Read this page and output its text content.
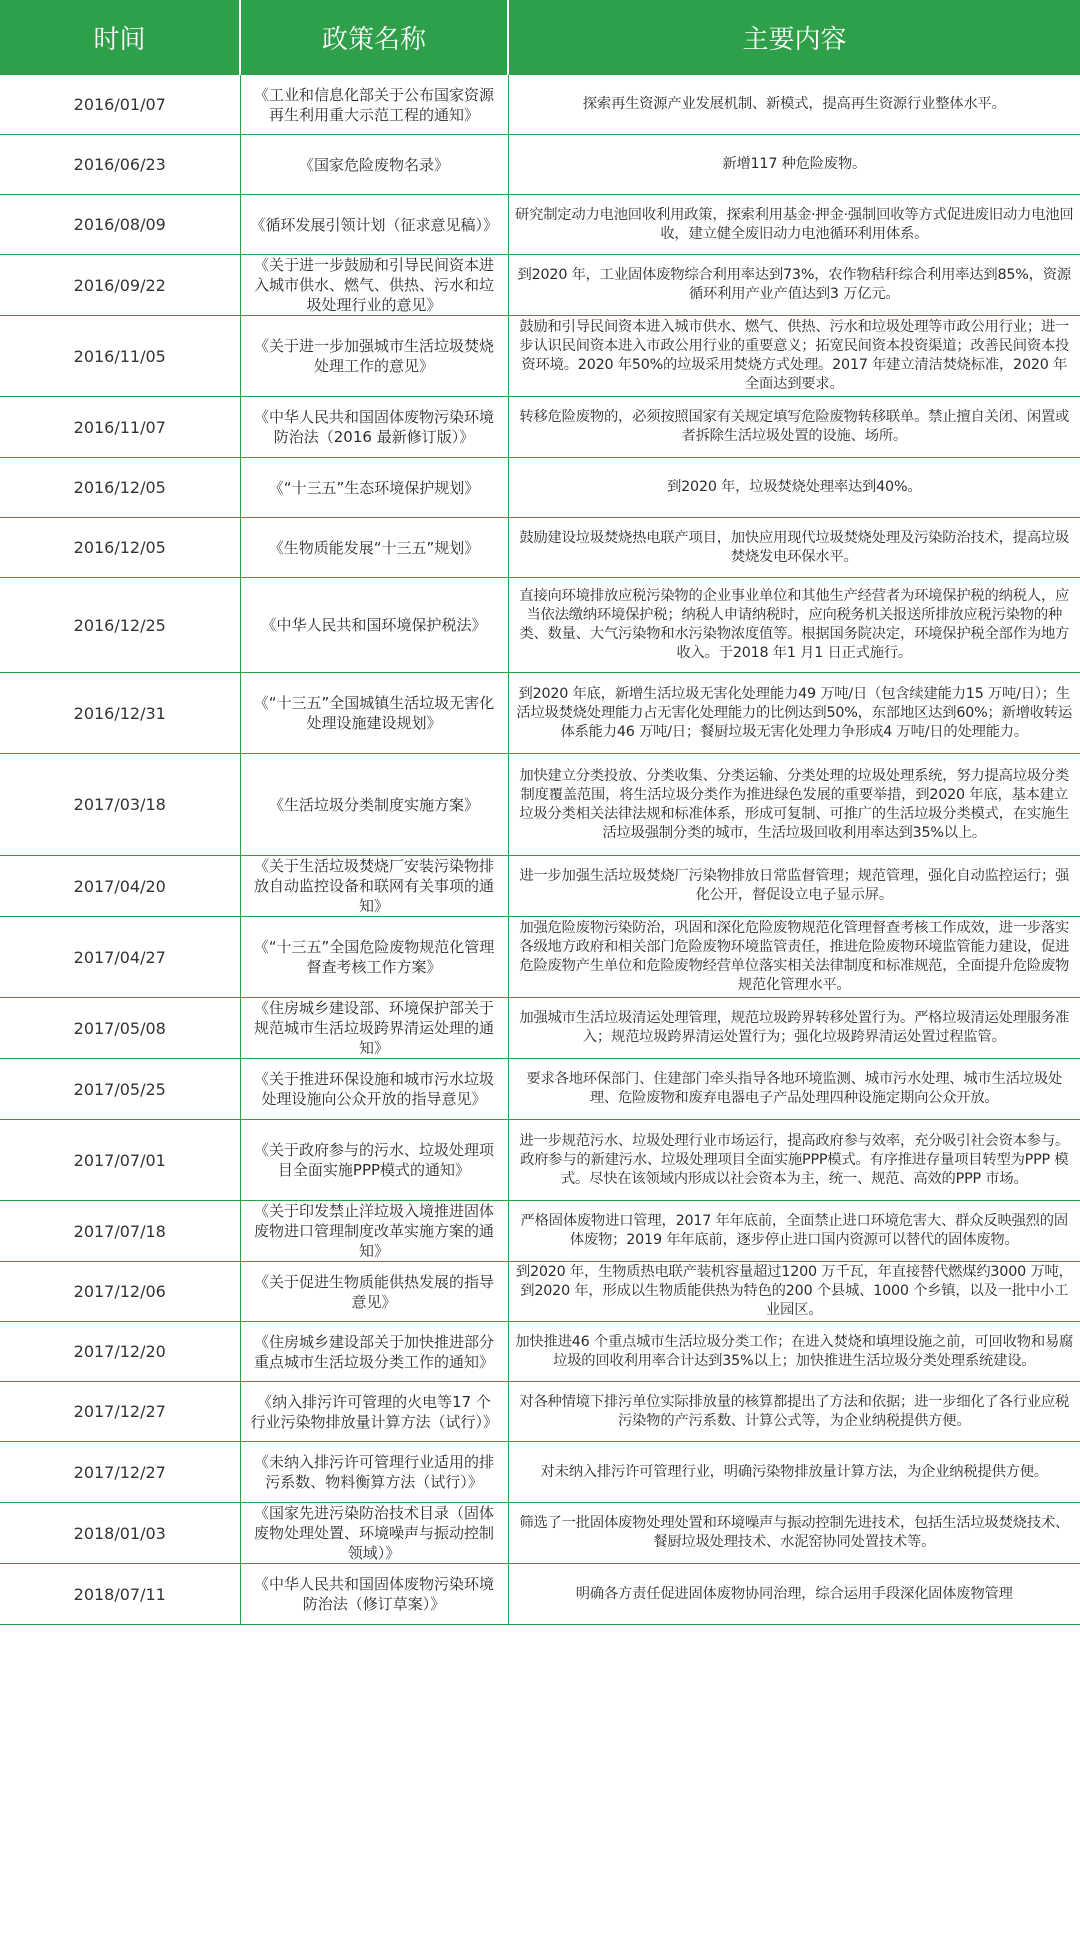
时间	政策名称	主要内容
2016/01/07	《工业和信息化部关于公布国家资源再生利用重大示范工程的通知》	探索再生资源产业发展机制、新模式，提高再生资源行业整体水平。
2016/06/23	《国家危险废物名录》	新增117 种危险废物。
2016/08/09	《循环发展引领计划（征求意见稿）》	研究制定动力电池回收利用政策，探索利用基金·押金·强制回收等方式促进废旧动力电池回收，建立健全废旧动力电池循环利用体系。
2016/09/22	《关于进一步鼓励和引导民间资本进入城市供水、燃气、供热、污水和垃圾处理行业的意见》	到2020 年，工业固体废物综合利用率达到73%，农作物秸秆综合利用率达到85%，资源循环利用产业产值达到3 万亿元。
2016/11/05	《关于进一步加强城市生活垃圾焚烧处理工作的意见》	鼓励和引导民间资本进入城市供水、燃气、供热、污水和垃圾处理等市政公用行业；进一步认识民间资本进入市政公用行业的重要意义；拓宽民间资本投资渠道；改善民间资本投资环境。2020 年50%的垃圾采用焚烧方式处理。2017 年建立清洁焚烧标准，2020 年全面达到要求。
2016/11/07	《中华人民共和国固体废物污染环境防治法（2016 最新修订版）》	转移危险废物的，必须按照国家有关规定填写危险废物转移联单。禁止擅自关闭、闲置或者拆除生活垃圾处置的设施、场所。
2016/12/05	《“十三五”生态环境保护规划》	到2020 年，垃圾焚烧处理率达到40%。
2016/12/05	《生物质能发展“十三五”规划》	鼓励建设垃圾焚烧热电联产项目，加快应用现代垃圾焚烧处理及污染防治技术，提高垃圾焚烧发电环保水平。
2016/12/25	《中华人民共和国环境保护税法》	直接向环境排放应税污染物的企业事业单位和其他生产经营者为环境保护税的纳税人，应当依法缴纳环境保护税；纳税人申请纳税时，应向税务机关报送所排放应税污染物的种类、数量、大气污染物和水污染物浓度值等。根据国务院决定，环境保护税全部作为地方收入。于2018 年1 月1 日正式施行。
2016/12/31	《“十三五”全国城镇生活垃圾无害化处理设施建设规划》	到2020 年底，新增生活垃圾无害化处理能力49 万吨/日（包含续建能力15 万吨/日）；生活垃圾焚烧处理能力占无害化处理能力的比例达到50%，东部地区达到60%；新增收转运体系能力46 万吨/日；餐厨垃圾无害化处理力争形成4 万吨/日的处理能力。
2017/03/18	《生活垃圾分类制度实施方案》	加快建立分类投放、分类收集、分类运输、分类处理的垃圾处理系统，努力提高垃圾分类制度覆盖范围，将生活垃圾分类作为推进绿色发展的重要举措，到2020 年底，基本建立垃圾分类相关法律法规和标准体系，形成可复制、可推广的生活垃圾分类模式，在实施生活垃圾强制分类的城市，生活垃圾回收利用率达到35%以上。
2017/04/20	《关于生活垃圾焚烧厂安装污染物排放自动监控设备和联网有关事项的通知》	进一步加强生活垃圾焚烧厂污染物排放日常监督管理；规范管理，强化自动监控运行；强化公开，督促设立电子显示屏。
2017/04/27	《“十三五”全国危险废物规范化管理督查考核工作方案》	加强危险废物污染防治，巩固和深化危险废物规范化管理督查考核工作成效，进一步落实各级地方政府和相关部门危险废物环境监管责任，推进危险废物环境监管能力建设，促进危险废物产生单位和危险废物经营单位落实相关法律制度和标准规范，全面提升危险废物规范化管理水平。
2017/05/08	《住房城乡建设部、环境保护部关于规范城市生活垃圾跨界清运处理的通知》	加强城市生活垃圾清运处理管理，规范垃圾跨界转移处置行为。严格垃圾清运处理服务准入；规范垃圾跨界清运处置行为；强化垃圾跨界清运处置过程监管。
2017/05/25	《关于推进环保设施和城市污水垃圾处理设施向公众开放的指导意见》	要求各地环保部门、住建部门牵头指导各地环境监测、城市污水处理、城市生活垃圾处理、危险废物和废弃电器电子产品处理四种设施定期向公众开放。
2017/07/01	《关于政府参与的污水、垃圾处理项目全面实施PPP模式的通知》	进一步规范污水、垃圾处理行业市场运行，提高政府参与效率，充分吸引社会资本参与。政府参与的新建污水、垃圾处理项目全面实施PPP模式。有序推进存量项目转型为PPP 模式。尽快在该领域内形成以社会资本为主，统一、规范、高效的PPP 市场。
2017/07/18	《关于印发禁止洋垃圾入境推进固体废物进口管理制度改革实施方案的通知》	严格固体废物进口管理，2017 年年底前，全面禁止进口环境危害大、群众反映强烈的固体废物；2019 年年底前，逐步停止进口国内资源可以替代的固体废物。
2017/12/06	《关于促进生物质能供热发展的指导意见》	到2020 年，生物质热电联产装机容量超过1200 万千瓦，年直接替代燃煤约3000 万吨，到2020 年，形成以生物质能供热为特色的200 个县城、1000 个乡镇，以及一批中小工业园区。
2017/12/20	《住房城乡建设部关于加快推进部分重点城市生活垃圾分类工作的通知》	加快推进46 个重点城市生活垃圾分类工作；在进入焚烧和填埋设施之前，可回收物和易腐垃圾的回收利用率合计达到35%以上；加快推进生活垃圾分类处理系统建设。
2017/12/27	《纳入排污许可管理的火电等17 个行业污染物排放量计算方法（试行）》	对各种情境下排污单位实际排放量的核算都提出了方法和依据；进一步细化了各行业应税污染物的产污系数、计算公式等，为企业纳税提供方便。
2017/12/27	《未纳入排污许可管理行业适用的排污系数、物料衡算方法（试行）》	对未纳入排污许可管理行业，明确污染物排放量计算方法，为企业纳税提供方便。
2018/01/03	《国家先进污染防治技术目录（固体废物处理处置、环境噪声与振动控制领域）》	筛选了一批固体废物处理处置和环境噪声与振动控制先进技术，包括生活垃圾焚烧技术、餐厨垃圾处理技术、水泥窑协同处置技术等。
2018/07/11	《中华人民共和国固体废物污染环境防治法（修订草案）》	明确各方责任促进固体废物协同治理，综合运用手段深化固体废物管理
